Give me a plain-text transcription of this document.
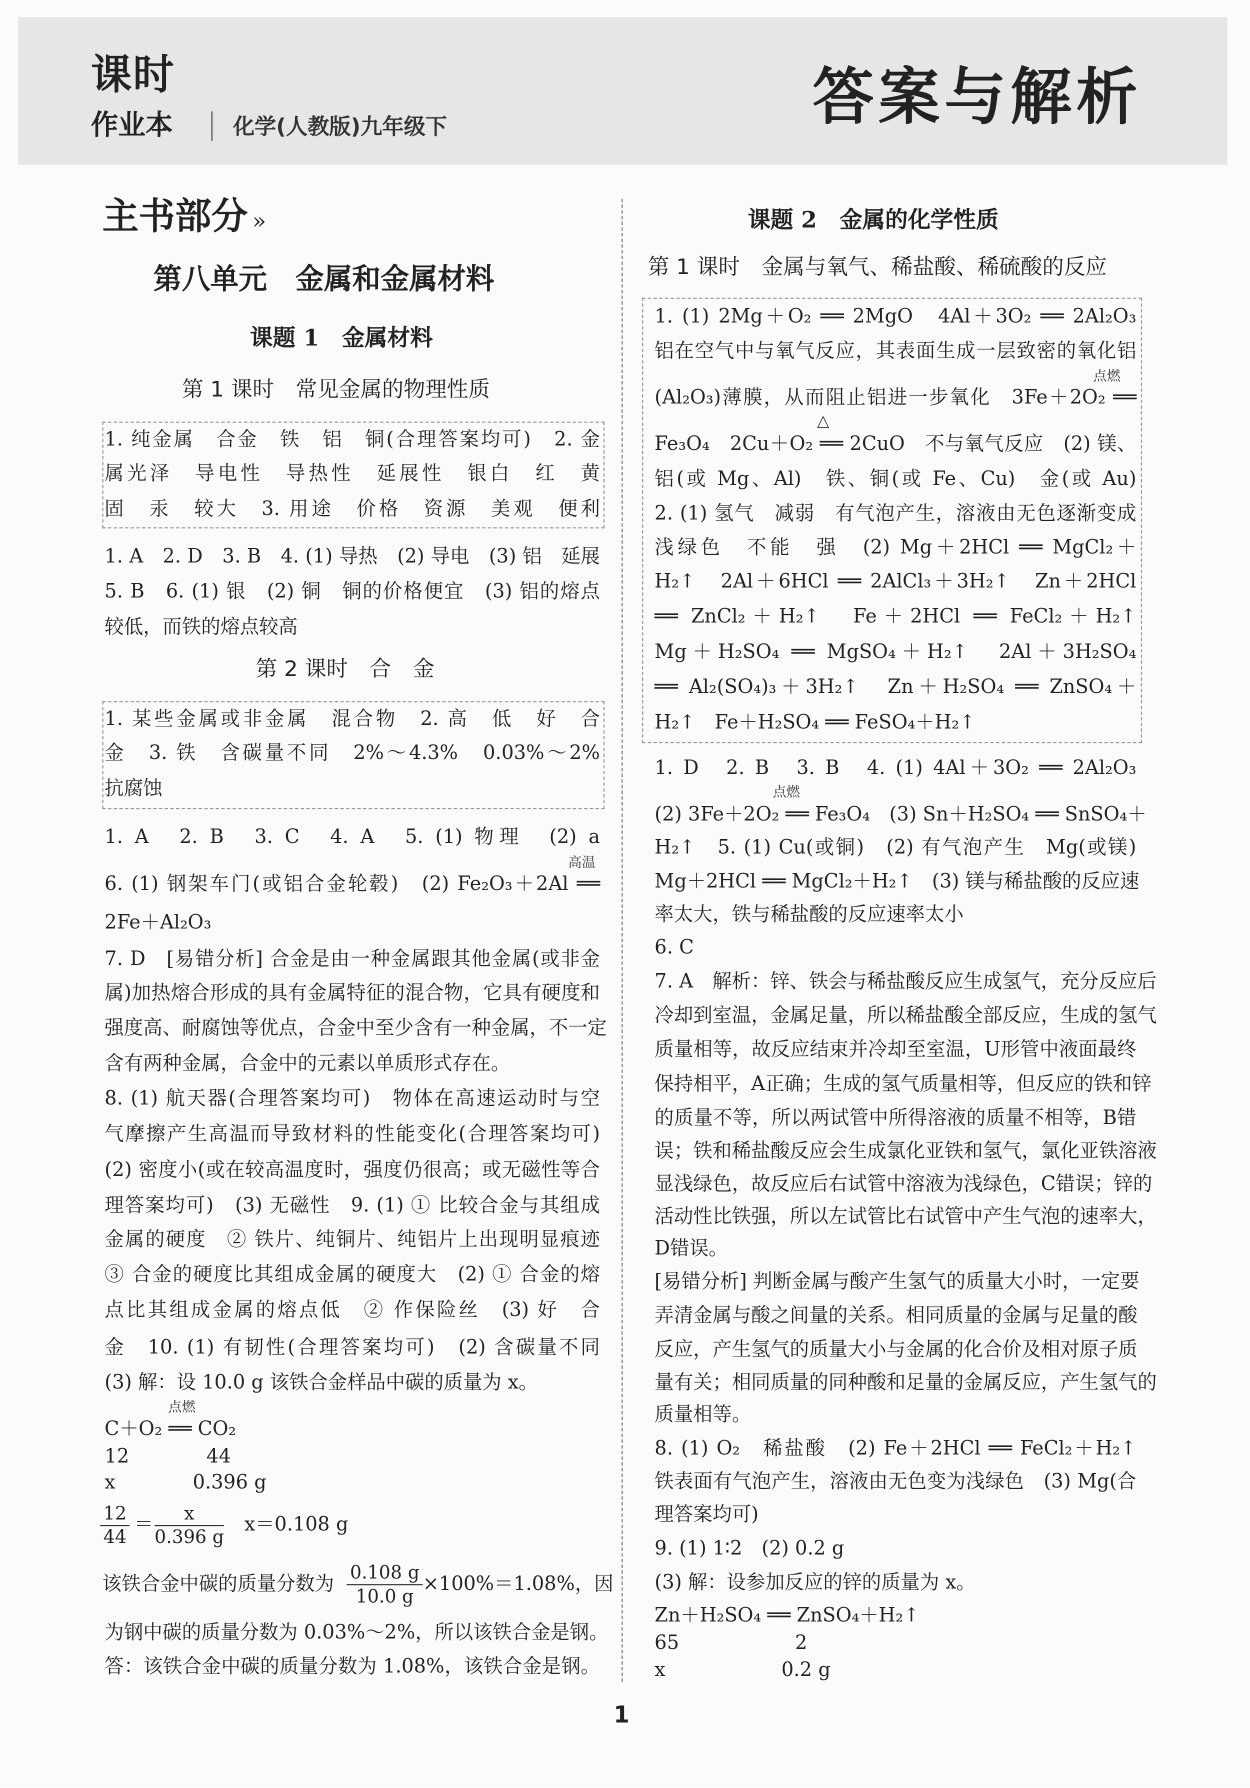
课时
作业本	化学(人教版)九年级下	答案与解析
主书部分 »
第八单元　金属和金属材料
课题 1　金属材料
第 1 课时　常见金属的物理性质
第 2 课时　合　金
课题 2　金属的化学性质
第 1 课时　金属与氧气、稀盐酸、稀硫酸的反应
1. 纯金属　合金　铁　铝　铜(合理答案均可)　2. 金
属光泽　导电性　导热性　延展性　银白　红　黄
固　汞　较大　3. 用途　价格　资源　美观　便利
1. A　2. D　3. B　4. (1) 导热　(2) 导电　(3) 铝　延展
5. B　6. (1) 银　(2) 铜　铜的价格便宜　(3) 铝的熔点
较低，而铁的熔点较高
1. 某些金属或非金属　混合物　2. 高　低　好　合
金　3. 铁　含碳量不同　2%～4.3%　0.03%～2%
抗腐蚀
1. A　2. B　3. C　4. A　5. (1) 物理　(2) a
6. (1) 钢架车门(或铝合金轮毂)　(2) Fe₂O₃＋2Al ══
2Fe＋Al₂O₃
7. D　[易错分析] 合金是由一种金属跟其他金属(或非金
属)加热熔合形成的具有金属特征的混合物，它具有硬度和
强度高、耐腐蚀等优点，合金中至少含有一种金属，不一定
含有两种金属，合金中的元素以单质形式存在。
8. (1) 航天器(合理答案均可)　物体在高速运动时与空
气摩擦产生高温而导致材料的性能变化(合理答案均可)
(2) 密度小(或在较高温度时，强度仍很高；或无磁性等合
理答案均可)　(3) 无磁性　9. (1) ① 比较合金与其组成
金属的硬度　② 铁片、纯铜片、纯铝片上出现明显痕迹
③ 合金的硬度比其组成金属的硬度大　(2) ① 合金的熔
点比其组成金属的熔点低　② 作保险丝　(3) 好　合
金　10. (1) 有韧性(合理答案均可)　(2) 含碳量不同
(3) 解：设 10.0 g 该铁合金样品中碳的质量为 x。
C＋O₂ ══ CO₂
12　　　　44
x　　　　0.396 g
为钢中碳的质量分数为 0.03%～2%，所以该铁合金是钢。
答：该铁合金中碳的质量分数为 1.08%，该铁合金是钢。
1. (1) 2Mg＋O₂ ══ 2MgO　4Al＋3O₂ ══ 2Al₂O₃
铝在空气中与氧气反应，其表面生成一层致密的氧化铝
(Al₂O₃)薄膜，从而阻止铝进一步氧化　3Fe＋2O₂ ══
Fe₃O₄　2Cu＋O₂ ══ 2CuO　不与氧气反应　(2) 镁、
铝(或 Mg、Al)　铁、铜(或 Fe、Cu)　金(或 Au)
2. (1) 氢气　减弱　有气泡产生，溶液由无色逐渐变成
浅绿色　不能　强　(2) Mg＋2HCl ══ MgCl₂＋
H₂↑　2Al＋6HCl ══ 2AlCl₃＋3H₂↑　Zn＋2HCl
══ ZnCl₂＋H₂↑　Fe＋2HCl ══ FeCl₂＋H₂↑
Mg＋H₂SO₄ ══ MgSO₄＋H₂↑　2Al＋3H₂SO₄
══ Al₂(SO₄)₃＋3H₂↑　Zn＋H₂SO₄ ══ ZnSO₄＋
H₂↑　Fe＋H₂SO₄ ══ FeSO₄＋H₂↑
1. D　2. B　3. B　4. (1) 4Al＋3O₂ ══ 2Al₂O₃
(2) 3Fe＋2O₂ ══ Fe₃O₄　(3) Sn＋H₂SO₄ ══ SnSO₄＋
H₂↑　5. (1) Cu(或铜)　(2) 有气泡产生　Mg(或镁)
Mg＋2HCl ══ MgCl₂＋H₂↑　(3) 镁与稀盐酸的反应速
率太大，铁与稀盐酸的反应速率太小
6. C
7. A　解析：锌、铁会与稀盐酸反应生成氢气，充分反应后
冷却到室温，金属足量，所以稀盐酸全部反应，生成的氢气
质量相等，故反应结束并冷却至室温，U形管中液面最终
保持相平，A正确；生成的氢气质量相等，但反应的铁和锌
的质量不等，所以两试管中所得溶液的质量不相等，B错
误；铁和稀盐酸反应会生成氯化亚铁和氢气，氯化亚铁溶液
显浅绿色，故反应后右试管中溶液为浅绿色，C错误；锌的
活动性比铁强，所以左试管比右试管中产生气泡的速率大，
D错误。
[易错分析] 判断金属与酸产生氢气的质量大小时，一定要
弄清金属与酸之间量的关系。相同质量的金属与足量的酸
反应，产生氢气的质量大小与金属的化合价及相对原子质
量有关；相同质量的同种酸和足量的金属反应，产生氢气的
质量相等。
8. (1) O₂　稀盐酸　(2) Fe＋2HCl ══ FeCl₂＋H₂↑
铁表面有气泡产生，溶液由无色变为浅绿色　(3) Mg(合
理答案均可)
9. (1) 1∶2　(2) 0.2 g
(3) 解：设参加反应的锌的质量为 x。
Zn＋H₂SO₄ ══ ZnSO₄＋H₂↑
65　　　　　　2
x　　　　　　0.2 g
$\frac{12}{44} = \frac{x}{0.396 g} x=0.108$ g
该铁合金中碳的质量分数为 $\frac{0.108 g}{10.0 g} \times 100\%=1.08\%$，因
高温
点燃
点燃
△
点燃
1
